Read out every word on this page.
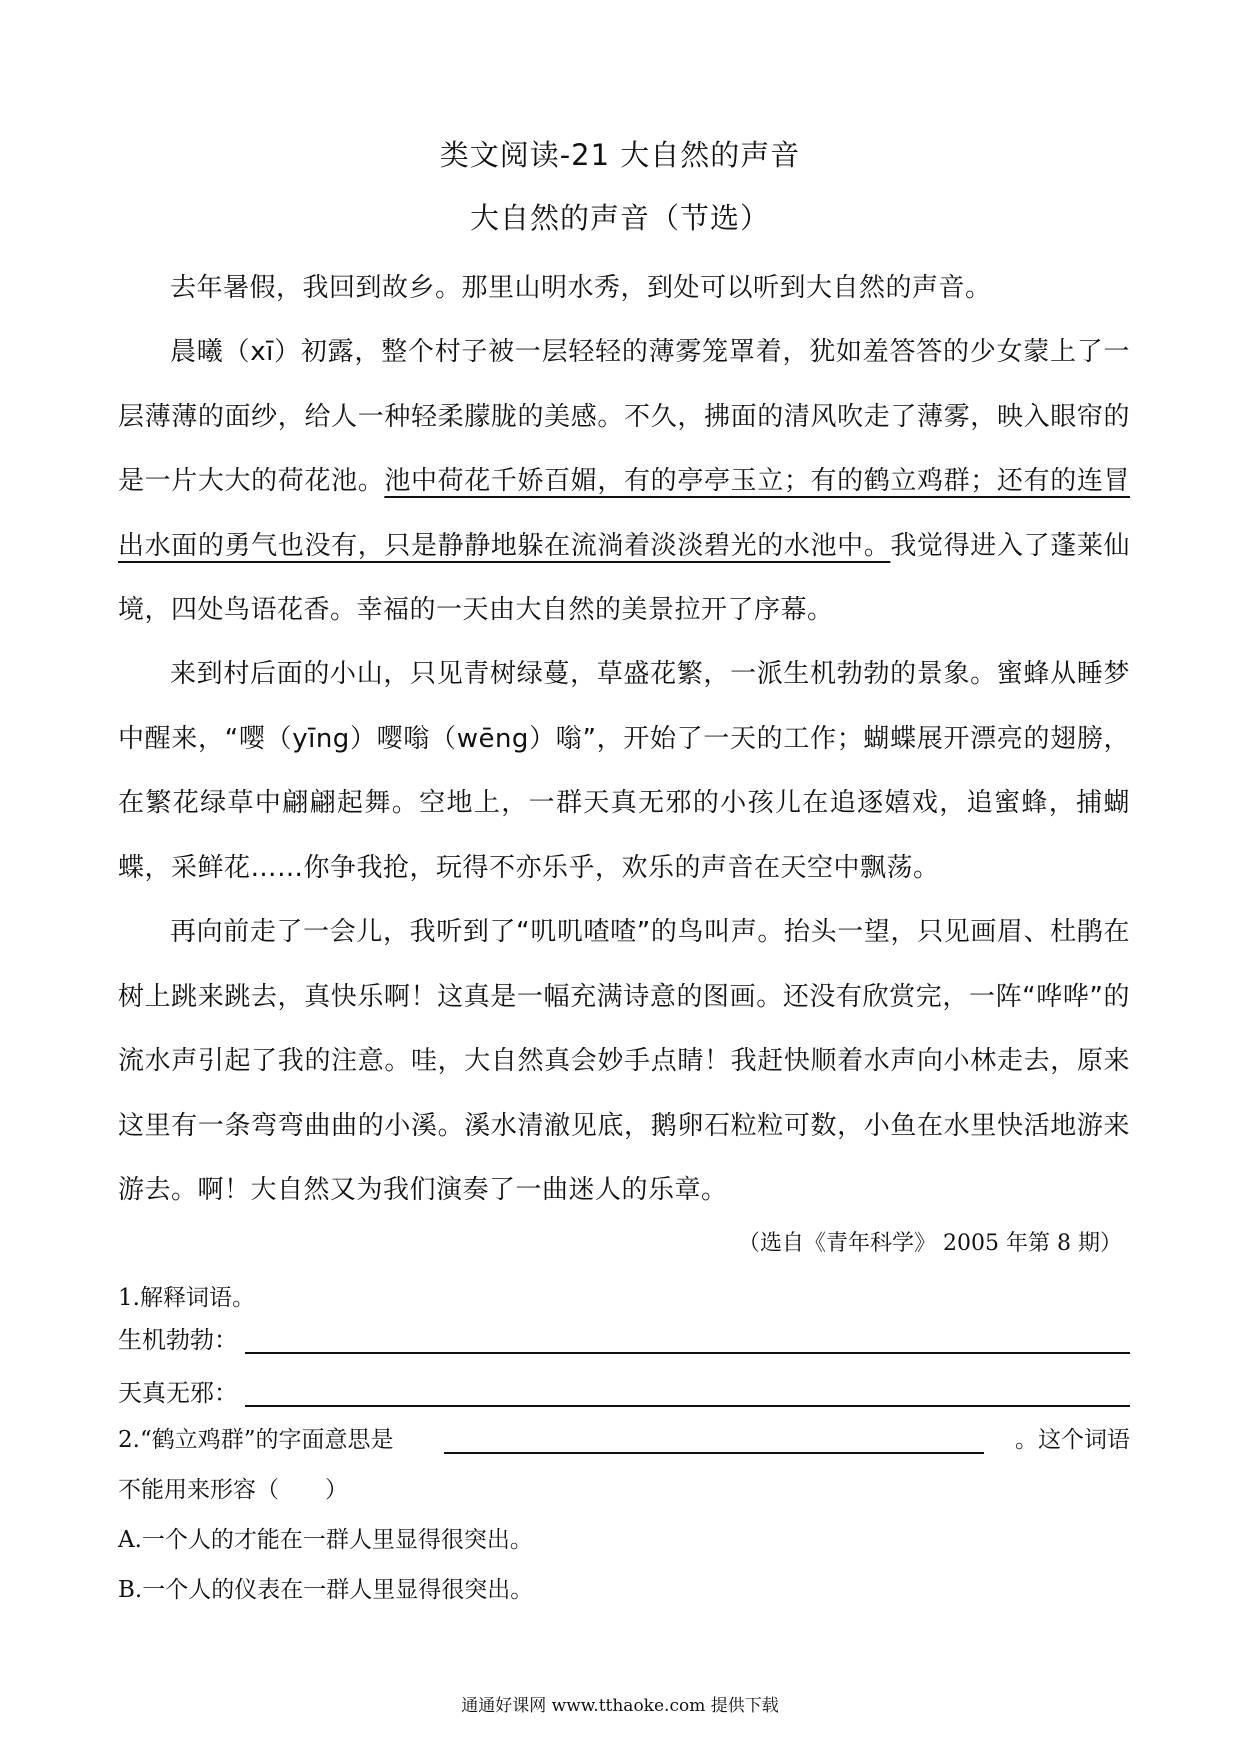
类文阅读-21 大自然的声音
大自然的声音（节选）
去年暑假，我回到故乡。那里山明水秀，到处可以听到大自然的声音。
晨曦（xī）初露，整个村子被一层轻轻的薄雾笼罩着，犹如羞答答的少女蒙上了一层薄薄的面纱，给人一种轻柔朦胧的美感。不久，拂面的清风吹走了薄雾，映入眼帘的是一片大大的荷花池。池中荷花千娇百媚，有的亭亭玉立；有的鹤立鸡群；还有的连冒出水面的勇气也没有，只是静静地躲在流淌着淡淡碧光的水池中。我觉得进入了蓬莱仙境，四处鸟语花香。幸福的一天由大自然的美景拉开了序幕。
来到村后面的小山，只见青树绿蔓，草盛花繁，一派生机勃勃的景象。蜜蜂从睡梦中醒来，“嘤（yīng）嘤嗡（wēng）嗡”，开始了一天的工作；蝴蝶展开漂亮的翅膀，在繁花绿草中翩翩起舞。空地上，一群天真无邪的小孩儿在追逐嬉戏，追蜜蜂，捕蝴蝶，采鲜花……你争我抢，玩得不亦乐乎，欢乐的声音在天空中飘荡。
再向前走了一会儿，我听到了“叽叽喳喳”的鸟叫声。抬头一望，只见画眉、杜鹃在树上跳来跳去，真快乐啊！这真是一幅充满诗意的图画。还没有欣赏完，一阵“哗哗”的流水声引起了我的注意。哇，大自然真会妙手点睛！我赶快顺着水声向小林走去，原来这里有一条弯弯曲曲的小溪。溪水清澈见底，鹅卵石粒粒可数，小鱼在水里快活地游来游去。啊！大自然又为我们演奏了一曲迷人的乐章。
（选自《青年科学》 2005 年第 8 期）
1.解释词语。
生机勃勃：
天真无邪：
2.“鹤立鸡群”的字面意思是	。这个词语
不能用来形容（　　）
A.一个人的才能在一群人里显得很突出。
B.一个人的仪表在一群人里显得很突出。
通通好课网 www.tthaoke.com 提供下载
